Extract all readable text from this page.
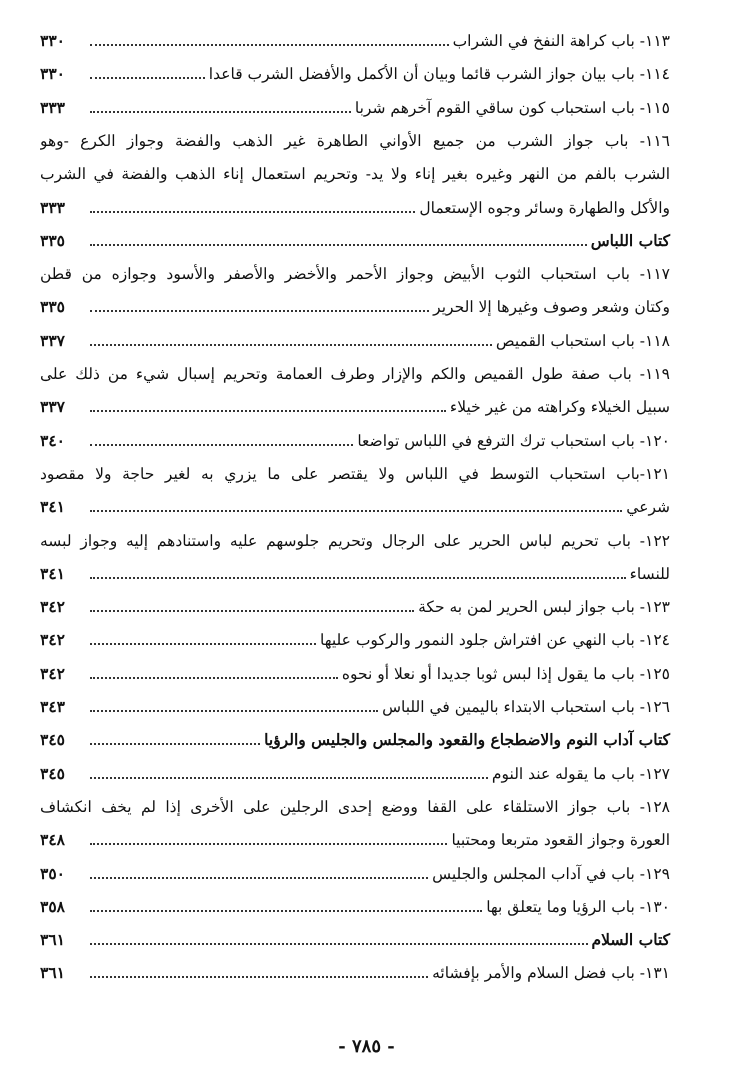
١١٣- باب كراهة النفخ في الشراب
٣٣٠
١١٤- باب بيان جواز الشرب قائما وبيان أن الأكمل والأفضل الشرب قاعدا
٣٣٠
١١٥- باب استحباب كون ساقي القوم آخرهم شربا
٣٣٣
١١٦- باب جواز الشرب من جميع الأواني الطاهرة غير الذهب والفضة وجواز الكرع -وهو
الشرب بالفم من النهر وغيره بغير إناء ولا يد- وتحريم استعمال إناء الذهب والفضة في الشرب
والأكل والطهارة وسائر وجوه الإستعمال
٣٣٣
كتاب اللباس
٣٣٥
١١٧- باب استحباب الثوب الأبيض وجواز الأحمر والأخضر والأصفر والأسود وجوازه من قطن
وكتان وشعر وصوف وغيرها إلا الحرير
٣٣٥
١١٨- باب استحباب القميص
٣٣٧
١١٩- باب صفة طول القميص والكم والإزار وطرف العمامة وتحريم إسبال شيء من ذلك على
سبيل الخيلاء وكراهته من غير خيلاء
٣٣٧
١٢٠- باب استحباب ترك الترفع في اللباس تواضعا
٣٤٠
١٢١-باب استحباب التوسط في اللباس ولا يقتصر على ما يزري به لغير حاجة ولا مقصود
شرعي
٣٤١
١٢٢- باب تحريم لباس الحرير على الرجال وتحريم جلوسهم عليه واستنادهم إليه وجواز لبسه
للنساء
٣٤١
١٢٣- باب جواز لبس الحرير لمن به حكة
٣٤٢
١٢٤- باب النهي عن افتراش جلود النمور والركوب عليها
٣٤٢
١٢٥- باب ما يقول إذا لبس ثوبا جديدا أو نعلا أو نحوه
٣٤٢
١٢٦- باب استحباب الابتداء باليمين في اللباس
٣٤٣
كتاب آداب النوم والاضطجاع والقعود والمجلس والجليس والرؤيا
٣٤٥
١٢٧- باب ما يقوله عند النوم
٣٤٥
١٢٨- باب جواز الاستلقاء على القفا ووضع إحدى الرجلين على الأخرى إذا لم يخف انكشاف
العورة وجواز القعود متربعا ومحتبيا
٣٤٨
١٢٩- باب في آداب المجلس والجليس
٣٥٠
١٣٠- باب الرؤيا وما يتعلق بها
٣٥٨
كتاب السلام
٣٦١
١٣١- باب فضل السلام والأمر بإفشائه
٣٦١
- ٧٨٥ -
